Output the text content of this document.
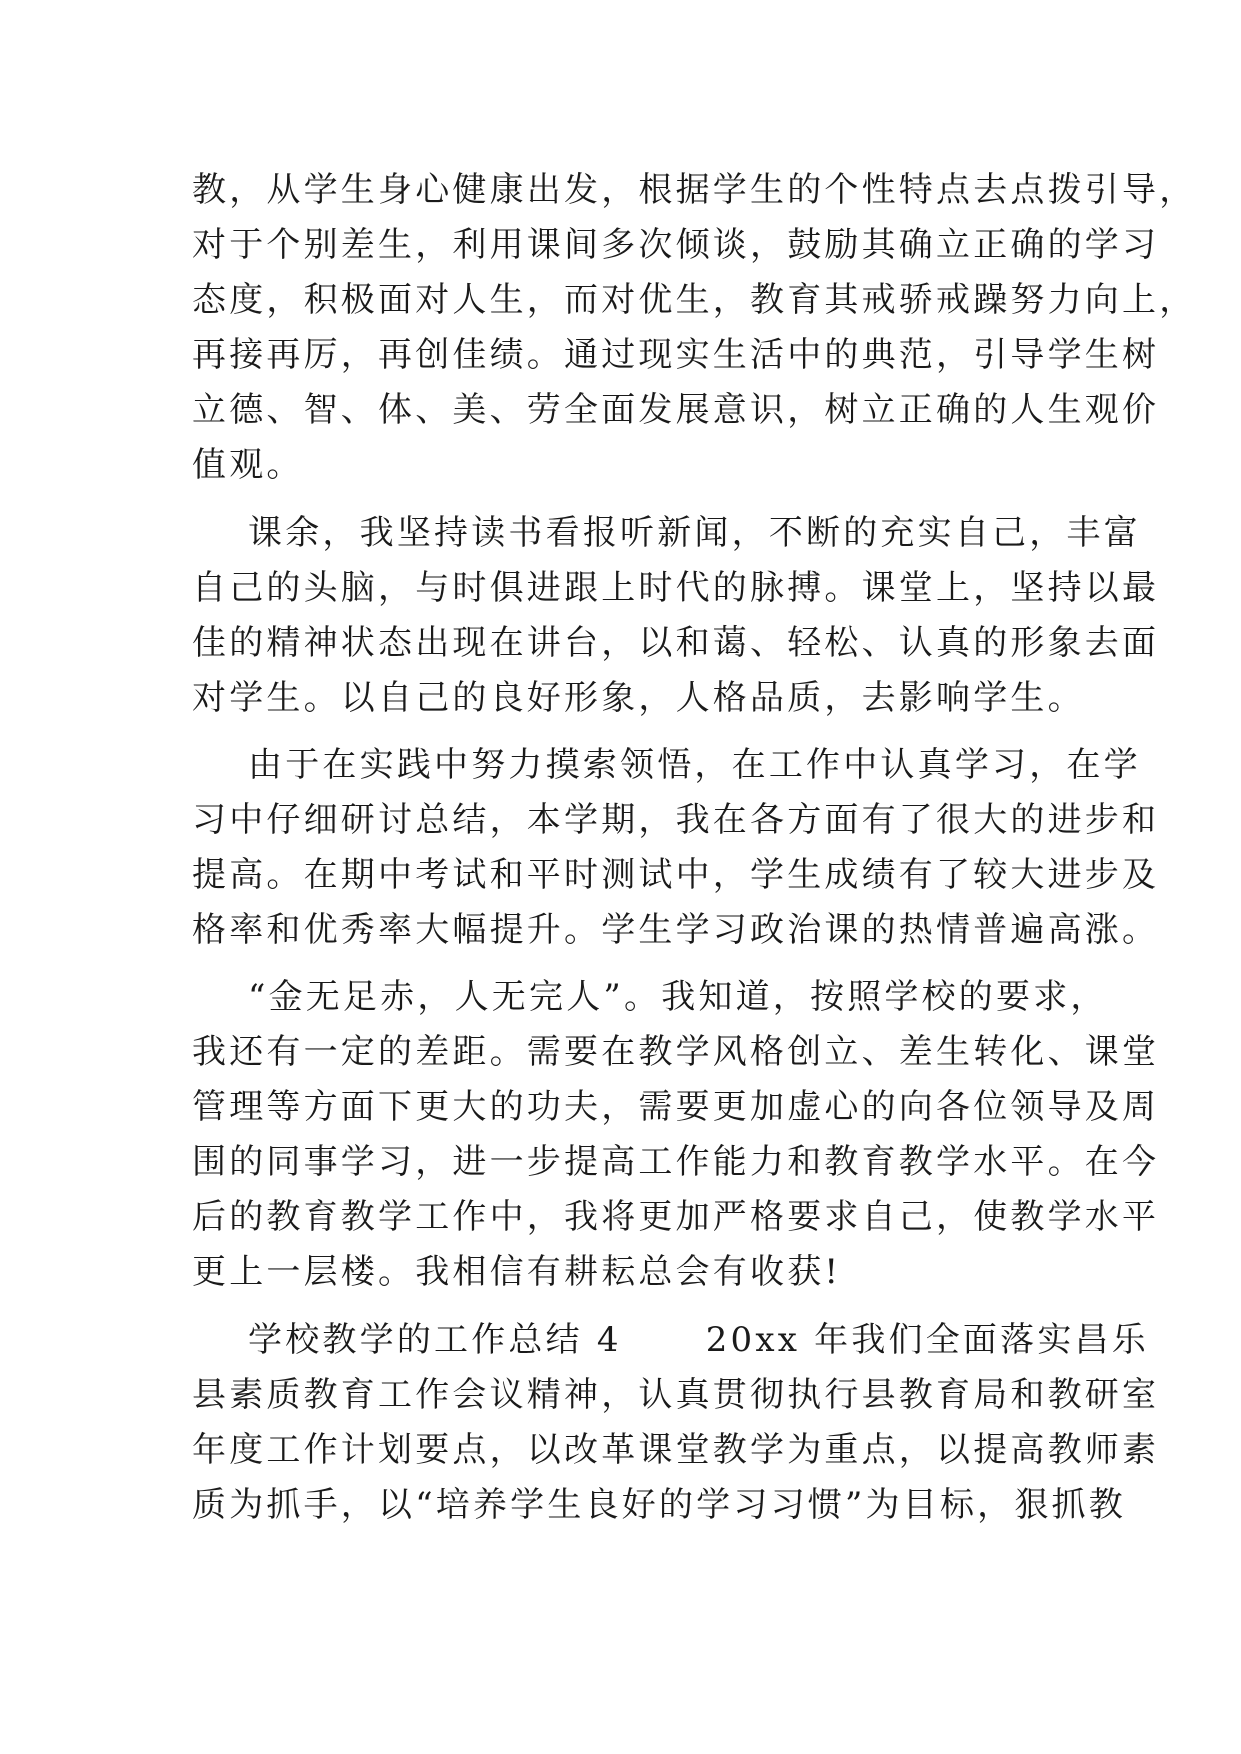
教，从学生身心健康出发，根据学生的个性特点去点拨引导，
对于个别差生，利用课间多次倾谈，鼓励其确立正确的学习
态度，积极面对人生，而对优生，教育其戒骄戒躁努力向上，
再接再厉，再创佳绩。通过现实生活中的典范，引导学生树
立德、智、体、美、劳全面发展意识，树立正确的人生观价
值观。
课余，我坚持读书看报听新闻，不断的充实自己，丰富
自己的头脑，与时俱进跟上时代的脉搏。课堂上，坚持以最
佳的精神状态出现在讲台，以和蔼、轻松、认真的形象去面
对学生。以自己的良好形象，人格品质，去影响学生。
由于在实践中努力摸索领悟，在工作中认真学习，在学
习中仔细研讨总结，本学期，我在各方面有了很大的进步和
提高。在期中考试和平时测试中，学生成绩有了较大进步及
格率和优秀率大幅提升。学生学习政治课的热情普遍高涨。
“金无足赤，人无完人”。我知道，按照学校的要求，
我还有一定的差距。需要在教学风格创立、差生转化、课堂
管理等方面下更大的功夫，需要更加虚心的向各位领导及周
围的同事学习，进一步提高工作能力和教育教学水平。在今
后的教育教学工作中，我将更加严格要求自己，使教学水平
更上一层楼。我相信有耕耘总会有收获!
学校教学的工作总结 4      20xx 年我们全面落实昌乐
县素质教育工作会议精神，认真贯彻执行县教育局和教研室
年度工作计划要点，以改革课堂教学为重点，以提高教师素
质为抓手，以“培养学生良好的学习习惯”为目标，狠抓教
